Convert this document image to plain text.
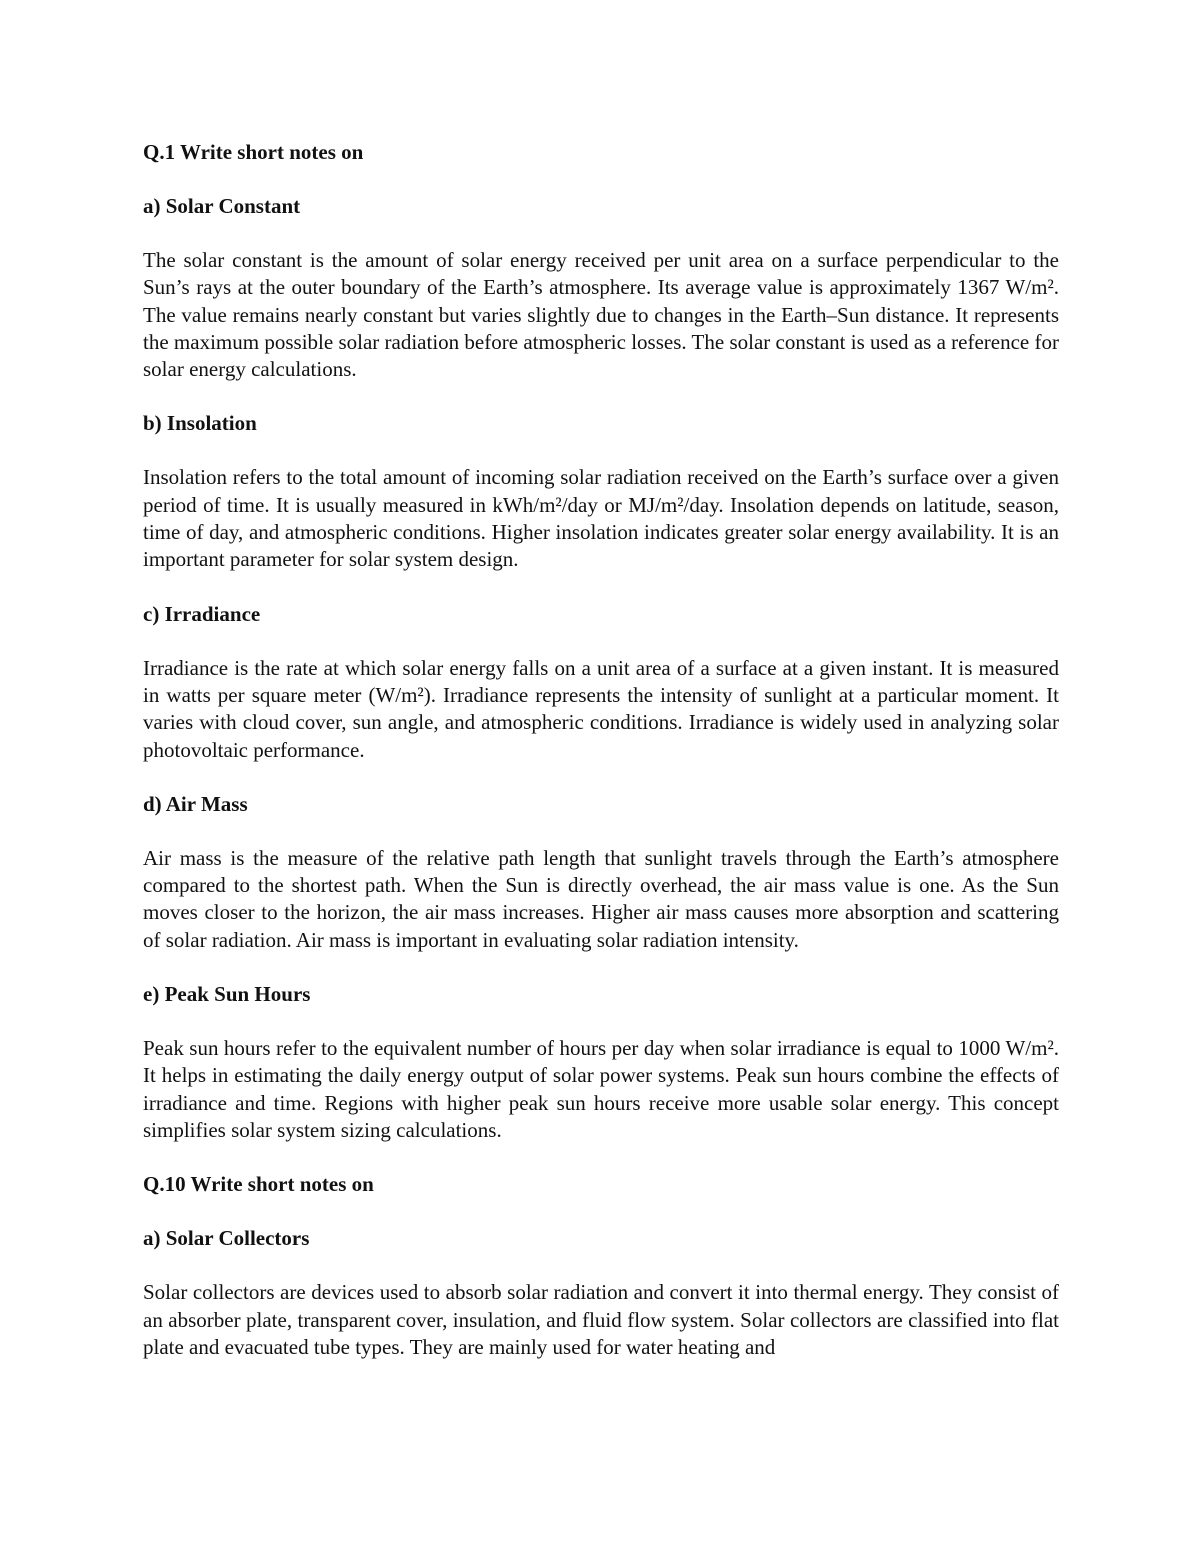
Q.1 Write short notes on

a) Solar Constant

The solar constant is the amount of solar energy received per unit area on a surface perpendicular to the Sun’s rays at the outer boundary of the Earth’s atmosphere. Its average value is approximately 1367 W/m². The value remains nearly constant but varies slightly due to changes in the Earth–Sun distance. It represents the maximum possible solar radiation before atmospheric losses. The solar constant is used as a reference for solar energy calculations.

b) Insolation

Insolation refers to the total amount of incoming solar radiation received on the Earth’s surface over a given period of time. It is usually measured in kWh/m²/day or MJ/m²/day. Insolation depends on latitude, season, time of day, and atmospheric conditions. Higher insolation indicates greater solar energy availability. It is an important parameter for solar system design.

c) Irradiance

Irradiance is the rate at which solar energy falls on a unit area of a surface at a given instant. It is measured in watts per square meter (W/m²). Irradiance represents the intensity of sunlight at a particular moment. It varies with cloud cover, sun angle, and atmospheric conditions. Irradiance is widely used in analyzing solar photovoltaic performance.

d) Air Mass

Air mass is the measure of the relative path length that sunlight travels through the Earth’s atmosphere compared to the shortest path. When the Sun is directly overhead, the air mass value is one. As the Sun moves closer to the horizon, the air mass increases. Higher air mass causes more absorption and scattering of solar radiation. Air mass is important in evaluating solar radiation intensity.

e) Peak Sun Hours

Peak sun hours refer to the equivalent number of hours per day when solar irradiance is equal to 1000 W/m². It helps in estimating the daily energy output of solar power systems. Peak sun hours combine the effects of irradiance and time. Regions with higher peak sun hours receive more usable solar energy. This concept simplifies solar system sizing calculations.

Q.10 Write short notes on

a) Solar Collectors

Solar collectors are devices used to absorb solar radiation and convert it into thermal energy. They consist of an absorber plate, transparent cover, insulation, and fluid flow system. Solar collectors are classified into flat plate and evacuated tube types. They are mainly used for water heating and
